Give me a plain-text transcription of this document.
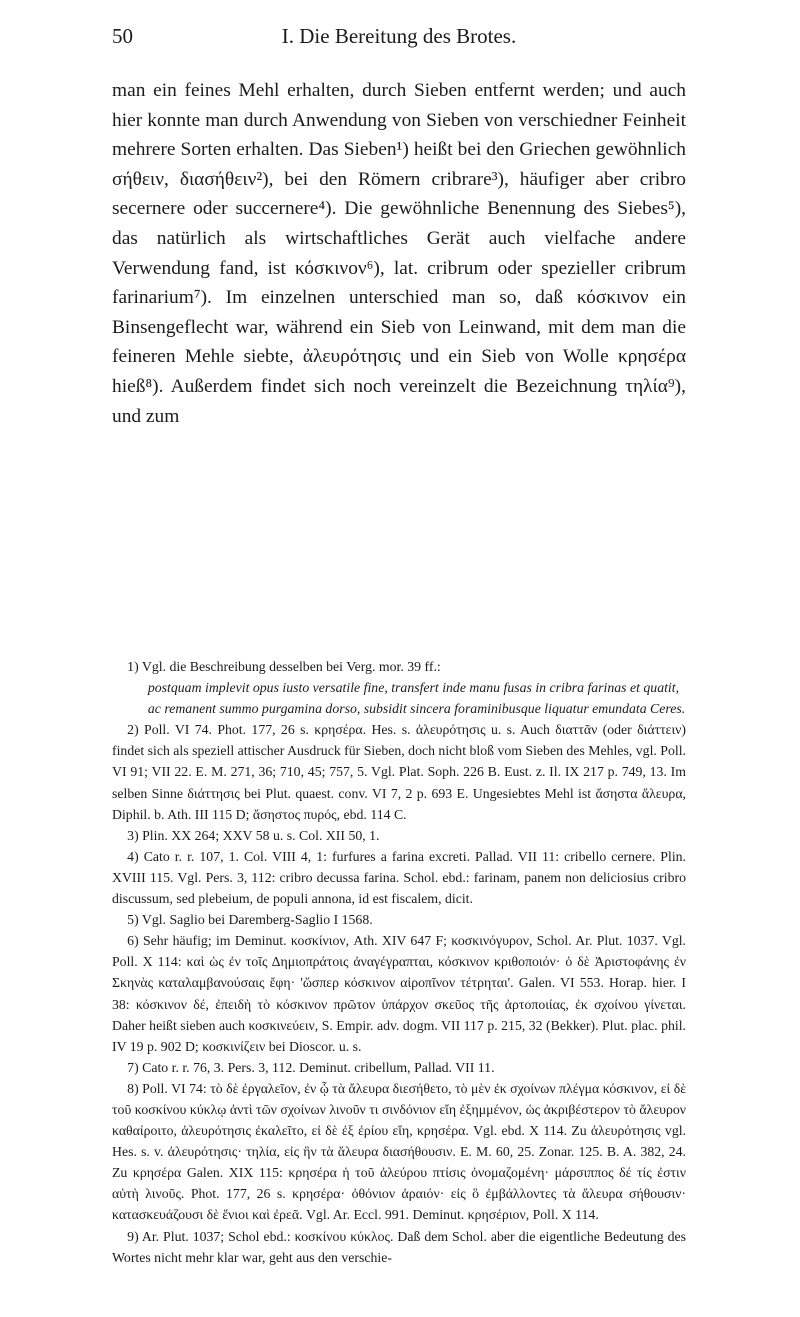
50	I. Die Bereitung des Brotes.

man ein feines Mehl erhalten, durch Sieben entfernt werden; und auch hier konnte man durch Anwendung von Sieben von verschiedner Feinheit mehrere Sorten erhalten. Das Sieben¹) heißt bei den Griechen gewöhnlich σήθειν, διασήθειν²), bei den Römern cribrare³), häufiger aber cribro secernere oder succernere⁴). Die gewöhnliche Benennung des Siebes⁵), das natürlich als wirtschaftliches Gerät auch vielfache andere Verwendung fand, ist κόσκινον⁶), lat. cribrum oder spezieller cribrum farinarium⁷). Im einzelnen unterschied man so, daß κόσκινον ein Binsengeflecht war, während ein Sieb von Leinwand, mit dem man die feineren Mehle siebte, ἀλευρότησις und ein Sieb von Wolle κρησέρα hieß⁸). Außerdem findet sich noch vereinzelt die Bezeichnung τηλία⁹), und zum

1) Vgl. die Beschreibung desselben bei Verg. mor. 39 ff.:

postquam implevit opus iusto versatile fine, transfert inde manu fusas in cribra farinas et quatit, ac remanent summo purgamina dorso, subsidit sincera foraminibusque liquatur emundata Ceres.

2) Poll. VI 74. Phot. 177, 26 s. κρησέρα. Hes. s. ἀλευρότησις u. s. Auch διαττᾶν (oder διάττειν) findet sich als speziell attischer Ausdruck für Sieben, doch nicht bloß vom Sieben des Mehles, vgl. Poll. VI 91; VII 22. E. M. 271, 36; 710, 45; 757, 5. Vgl. Plat. Soph. 226 B. Eust. z. Il. IX 217 p. 749, 13. Im selben Sinne διάττησις bei Plut. quaest. conv. VI 7, 2 p. 693 E. Ungesiebtes Mehl ist ἄσηστα ἄλευρα, Diphil. b. Ath. III 115 D; ἄσηστος πυρός, ebd. 114 C.

3) Plin. XX 264; XXV 58 u. s. Col. XII 50, 1.

4) Cato r. r. 107, 1. Col. VIII 4, 1: furfures a farina excreti. Pallad. VII 11: cribello cernere. Plin. XVIII 115. Vgl. Pers. 3, 112: cribro decussa farina. Schol. ebd.: farinam, panem non deliciosius cribro discussum, sed plebeium, de populi annona, id est fiscalem, dicit.

5) Vgl. Saglio bei Daremberg-Saglio I 1568.

6) Sehr häufig; im Deminut. κοσκίνιον, Ath. XIV 647 F; κοσκινόγυρον, Schol. Ar. Plut. 1037. Vgl. Poll. X 114: καὶ ὡς ἐν τοῖς Δημιοπράτοις ἀναγέγραπται, κόσκινον κριθοποιόν· ὁ δὲ Ἀριστοφάνης ἐν Σκηνὰς καταλαμβανούσαις ἔφη· 'ὥσπερ κόσκινον αἰροπῖνον τέτρηται'. Galen. VI 553. Horap. hier. I 38: κόσκινον δέ, ἐπειδὴ τὸ κόσκινον πρῶτον ὑπάρχον σκεῦος τῆς ἀρτοποιίας, ἐκ σχοίνου γίνεται. Daher heißt sieben auch κοσκινεύειν, S. Empir. adv. dogm. VII 117 p. 215, 32 (Bekker). Plut. plac. phil. IV 19 p. 902 D; κοσκινίζειν bei Dioscor. u. s.

7) Cato r. r. 76, 3. Pers. 3, 112. Deminut. cribellum, Pallad. VII 11.

8) Poll. VI 74: τὸ δὲ ἐργαλεῖον, ἐν ᾧ τὰ ἄλευρα διεσήθετο, τὸ μὲν ἐκ σχοίνων πλέγμα κόσκινον, εἰ δὲ τοῦ κοσκίνου κύκλῳ ἀντὶ τῶν σχοίνων λινοῦν τι σινδόνιον εἴη ἐξημμένον, ὡς ἀκριβέστερον τὸ ἄλευρον καθαίροιτο, ἀλευρότησις ἐκαλεῖτο, εἰ δὲ ἐξ ἐρίου εἴη, κρησέρα. Vgl. ebd. X 114. Zu ἀλευρότησις vgl. Hes. s. v. ἀλευρότησις· τηλία, εἰς ἣν τὰ ἄλευρα διασήθουσιν. E. M. 60, 25. Zonar. 125. B. A. 382, 24. Zu κρησέρα Galen. XIX 115: κρησέρα ἡ τοῦ ἀλεύρου πτίσις ὀνομαζομένη· μάρσιππος δέ τίς ἐστιν αὐτὴ λινοῦς. Phot. 177, 26 s. κρησέρα· ὀθόνιον ἀραιόν· εἰς ὃ ἐμβάλλοντες τὰ ἄλευρα σήθουσιν· κατασκευάζουσι δὲ ἔνιοι καὶ ἐρεᾶ. Vgl. Ar. Eccl. 991. Deminut. κρησέριον, Poll. X 114.

9) Ar. Plut. 1037; Schol ebd.: κοσκίνου κύκλος. Daß dem Schol. aber die eigentliche Bedeutung des Wortes nicht mehr klar war, geht aus den verschie-
